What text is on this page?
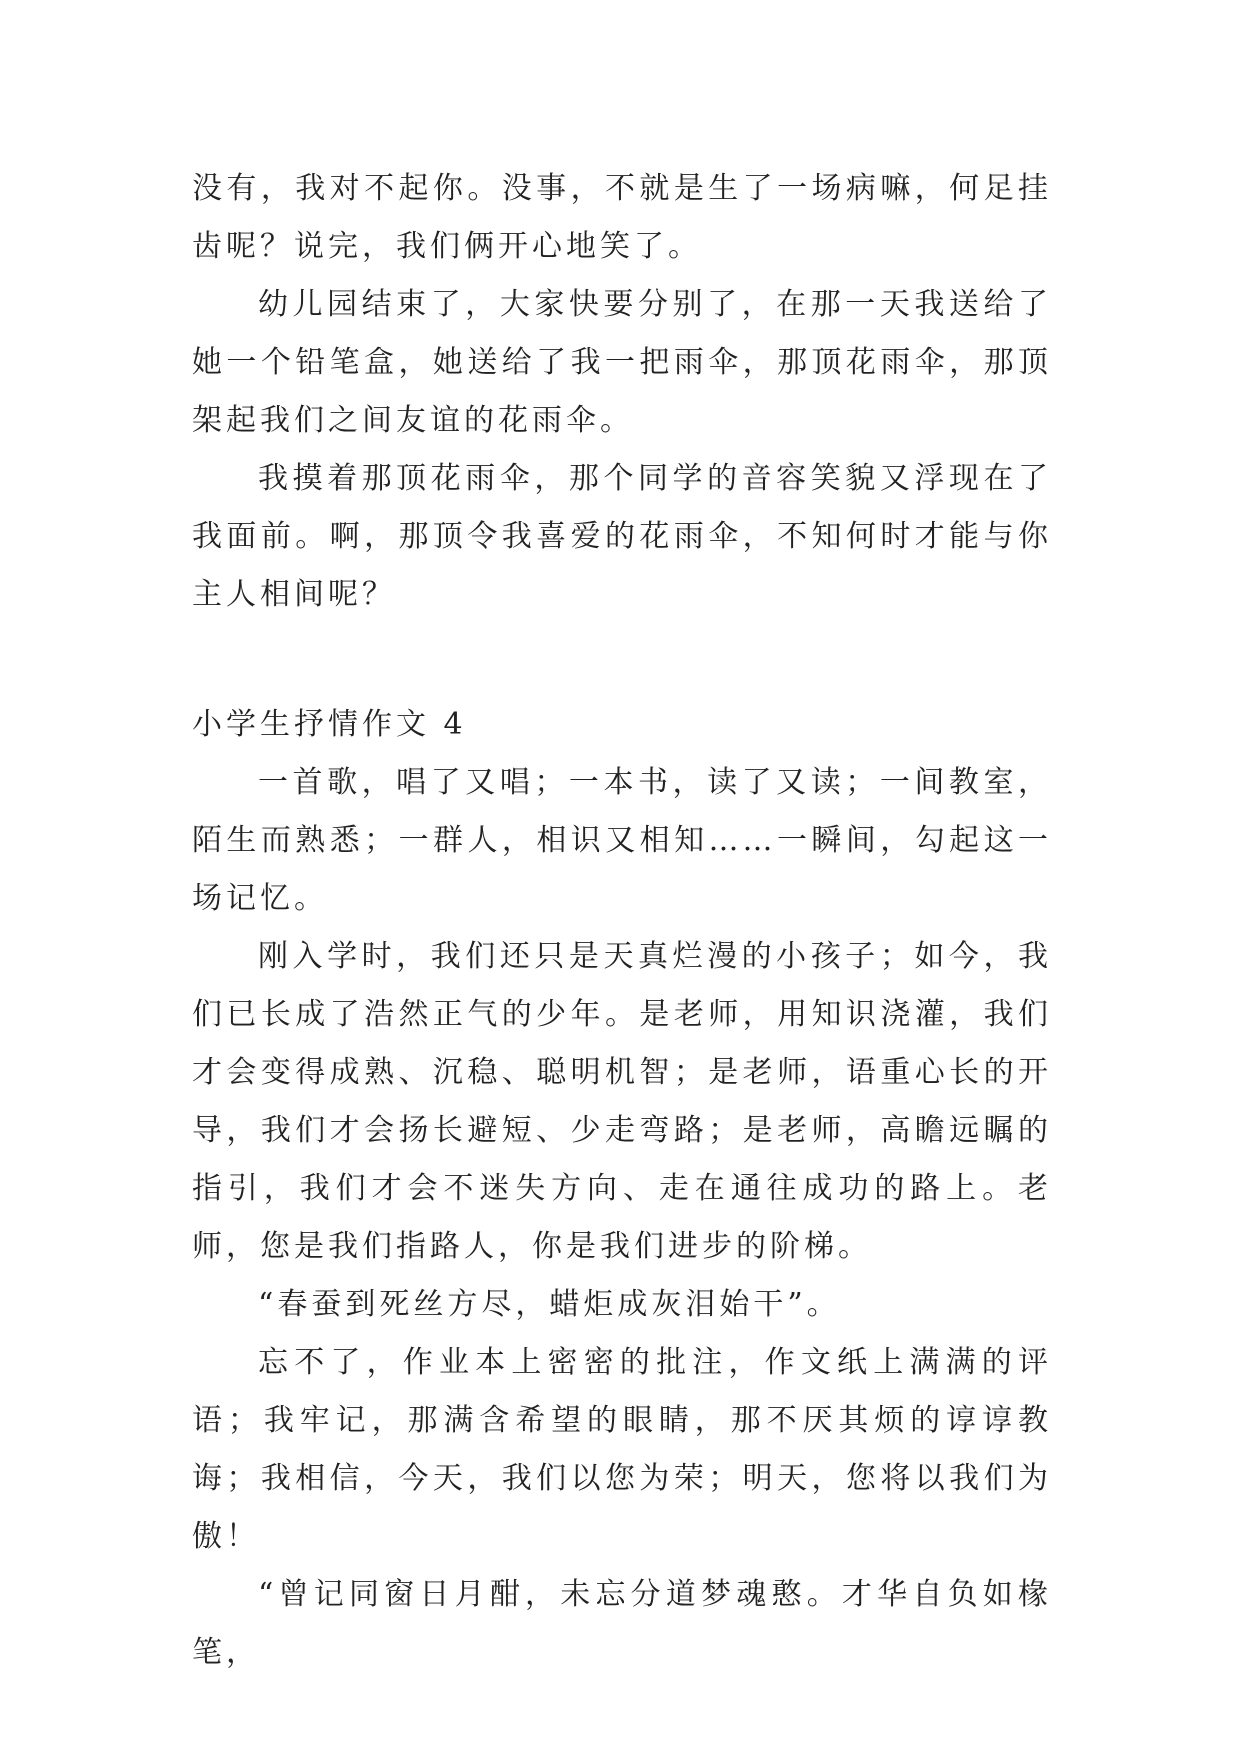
没有，我对不起你。没事，不就是生了一场病嘛，何足挂齿呢？说完，我们俩开心地笑了。

幼儿园结束了，大家快要分别了，在那一天我送给了她一个铅笔盒，她送给了我一把雨伞，那顶花雨伞，那顶架起我们之间友谊的花雨伞。

我摸着那顶花雨伞，那个同学的音容笑貌又浮现在了我面前。啊，那顶令我喜爱的花雨伞，不知何时才能与你主人相间呢？

小学生抒情作文 4

一首歌，唱了又唱；一本书，读了又读；一间教室，陌生而熟悉；一群人，相识又相知……一瞬间，勾起这一场记忆。

刚入学时，我们还只是天真烂漫的小孩子；如今，我们已长成了浩然正气的少年。是老师，用知识浇灌，我们才会变得成熟、沉稳、聪明机智；是老师，语重心长的开导，我们才会扬长避短、少走弯路；是老师，高瞻远瞩的指引，我们才会不迷失方向、走在通往成功的路上。老师，您是我们指路人，你是我们进步的阶梯。

“春蚕到死丝方尽，蜡炬成灰泪始干”。

忘不了，作业本上密密的批注，作文纸上满满的评语；我牢记，那满含希望的眼睛，那不厌其烦的谆谆教诲；我相信，今天，我们以您为荣；明天，您将以我们为傲！

“曾记同窗日月酣，未忘分道梦魂憨。才华自负如椽笔，
